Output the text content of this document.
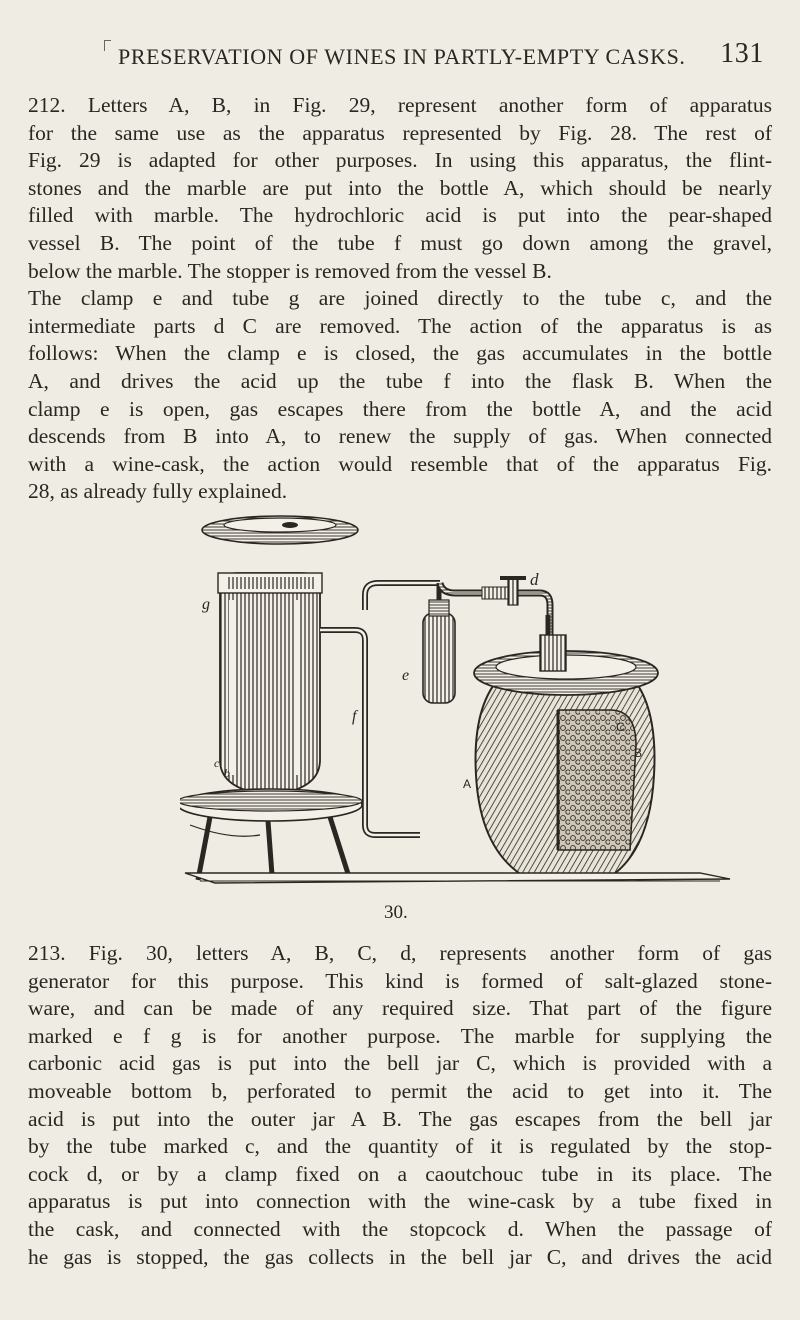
PRESERVATION OF WINES IN PARTLY-EMPTY CASKS. 131
212. Letters A, B, in Fig. 29, represent another form of apparatus
for the same use as the apparatus represented by Fig. 28. The rest of
Fig. 29 is adapted for other purposes. In using this apparatus, the flint-
stones and the marble are put into the bottle A, which should be nearly
filled with marble. The hydrochloric acid is put into the pear-shaped
vessel B. The point of the tube f must go down among the gravel,
below the marble. The stopper is removed from the vessel B.
The clamp e and tube g are joined directly to the tube c, and the
intermediate parts d C are removed. The action of the apparatus is as
follows: When the clamp e is closed, the gas accumulates in the bottle
A, and drives the acid up the tube f into the flask B. When the
clamp e is open, gas escapes there from the bottle A, and the acid
descends from B into A, to renew the supply of gas. When connected
with a wine-cask, the action would resemble that of the apparatus Fig.
28, as already fully explained.
g
d
e
f
c
b
A
B
C
30.
213. Fig. 30, letters A, B, C, d, represents another form of gas
generator for this purpose. This kind is formed of salt-glazed stone-
ware, and can be made of any required size. That part of the figure
marked e f g is for another purpose. The marble for supplying the
carbonic acid gas is put into the bell jar C, which is provided with a
moveable bottom b, perforated to permit the acid to get into it. The
acid is put into the outer jar A B. The gas escapes from the bell jar
by the tube marked c, and the quantity of it is regulated by the stop-
cock d, or by a clamp fixed on a caoutchouc tube in its place. The
apparatus is put into connection with the wine-cask by a tube fixed in
the cask, and connected with the stopcock d. When the passage of
he gas is stopped, the gas collects in the bell jar C, and drives the acid
